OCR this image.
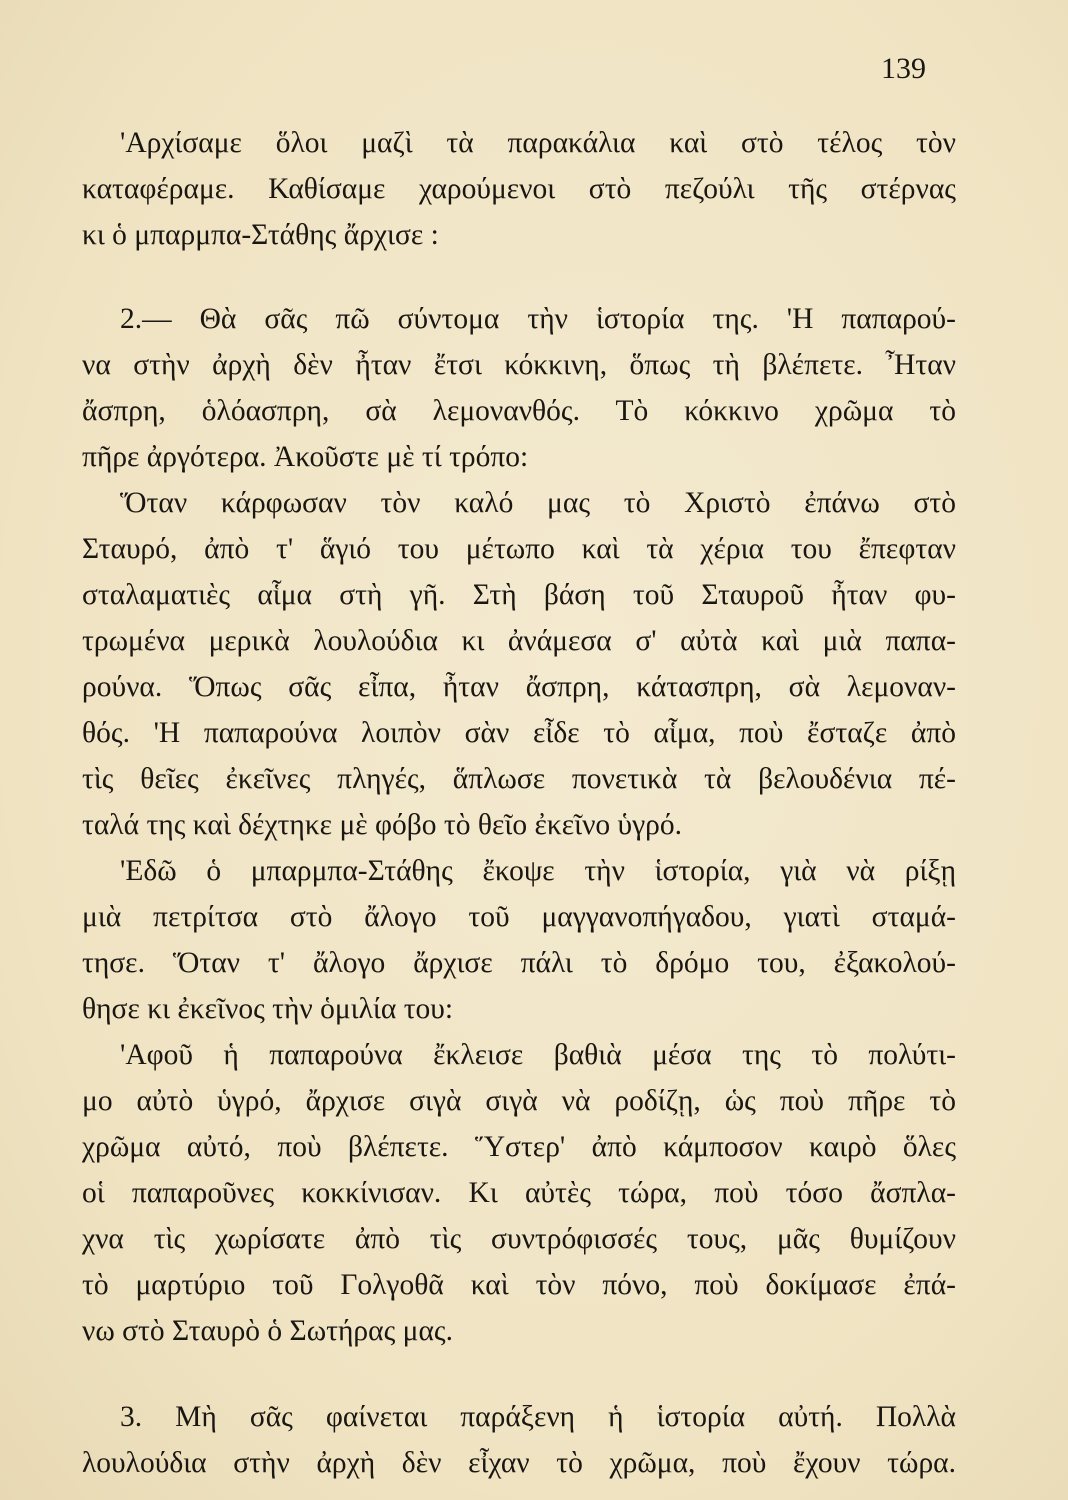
139
'Αρχίσαμε ὅλοι μαζὶ τὰ παρακάλια καὶ στὸ τέλος τὸν
καταφέραμε. Καθίσαμε χαρούμενοι στὸ πεζούλι τῆς στέρνας
κι ὁ μπαρμπα-Στάθης ἄρχισε :
2.— Θὰ σᾶς πῶ σύντομα τὴν ἱστορία της. 'Η παπαρού-
να στὴν ἀρχὴ δὲν ἦταν ἔτσι κόκκινη, ὅπως τὴ βλέπετε. Ἦταν
ἄσπρη, ὁλόασπρη, σὰ λεμονανθός. Τὸ κόκκινο χρῶμα τὸ
πῆρε ἀργότερα. Ἀκοῦστε μὲ τί τρόπο:
Ὅταν κάρφωσαν τὸν καλό μας τὸ Χριστὸ ἐπάνω στὸ
Σταυρό, ἀπὸ τ' ἅγιό του μέτωπο καὶ τὰ χέρια του ἔπεφταν
σταλαματιὲς αἷμα στὴ γῆ. Στὴ βάση τοῦ Σταυροῦ ἦταν φυ-
τρωμένα μερικὰ λουλούδια κι ἀνάμεσα σ' αὐτὰ καὶ μιὰ παπα-
ρούνα. Ὅπως σᾶς εἶπα, ἦταν ἄσπρη, κάτασπρη, σὰ λεμοναν-
θός. 'Η παπαρούνα λοιπὸν σὰν εἶδε τὸ αἷμα, ποὺ ἔσταζε ἀπὸ
τὶς θεῖες ἐκεῖνες πληγές, ἅπλωσε πονετικὰ τὰ βελουδένια πέ-
ταλά της καὶ δέχτηκε μὲ φόβο τὸ θεῖο ἐκεῖνο ὑγρό.
'Εδῶ ὁ μπαρμπα-Στάθης ἔκοψε τὴν ἱστορία, γιὰ νὰ ρίξῃ
μιὰ πετρίτσα στὸ ἄλογο τοῦ μαγγανοπήγαδου, γιατὶ σταμά-
τησε. Ὅταν τ' ἄλογο ἄρχισε πάλι τὸ δρόμο του, ἐξακολού-
θησε κι ἐκεῖνος τὴν ὁμιλία του:
'Αφοῦ ἡ παπαρούνα ἔκλεισε βαθιὰ μέσα της τὸ πολύτι-
μο αὐτὸ ὑγρό, ἄρχισε σιγὰ σιγὰ νὰ ροδίζῃ, ὡς ποὺ πῆρε τὸ
χρῶμα αὐτό, ποὺ βλέπετε. Ὕστερ' ἀπὸ κάμποσον καιρὸ ὅλες
οἱ παπαροῦνες κοκκίνισαν. Κι αὐτὲς τώρα, ποὺ τόσο ἄσπλα-
χνα τὶς χωρίσατε ἀπὸ τὶς συντρόφισσές τους, μᾶς θυμίζουν
τὸ μαρτύριο τοῦ Γολγοθᾶ καὶ τὸν πόνο, ποὺ δοκίμασε ἐπά-
νω στὸ Σταυρὸ ὁ Σωτήρας μας.
3. Μὴ σᾶς φαίνεται παράξενη ἡ ἱστορία αὐτή. Πολλὰ
λουλούδια στὴν ἀρχὴ δὲν εἶχαν τὸ χρῶμα, ποὺ ἔχουν τώρα.
